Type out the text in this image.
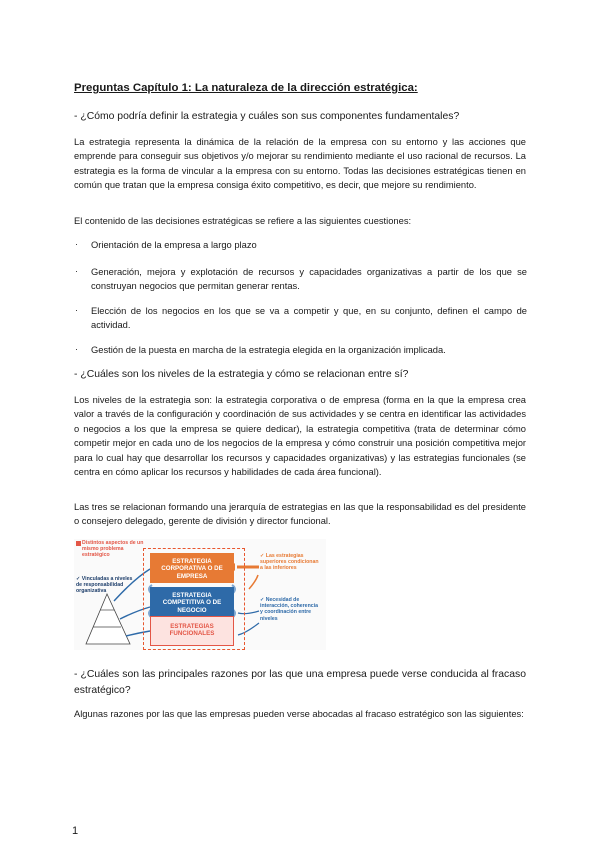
Preguntas Capítulo 1: La naturaleza de la dirección estratégica:
- ¿Cómo podría definir la estrategia y cuáles son sus componentes fundamentales?
La estrategia representa la dinámica de la relación de la empresa con su entorno y las acciones que emprende para conseguir sus objetivos y/o mejorar su rendimiento mediante el uso racional de recursos. La estrategia es la forma de vincular a la empresa con su entorno. Todas las decisiones estratégicas tienen en común que tratan que la empresa consiga éxito competitivo, es decir, que mejore su rendimiento.
El contenido de las decisiones estratégicas se refiere a las siguientes cuestiones:
· Orientación de la empresa a largo plazo
· Generación, mejora y explotación de recursos y capacidades organizativas a partir de los que se construyan negocios que permitan generar rentas.
· Elección de los negocios en los que se va a competir y que, en su conjunto, definen el campo de actividad.
· Gestión de la puesta en marcha de la estrategia elegida en la organización implicada.
- ¿Cuáles son los niveles de la estrategia y cómo se relacionan entre sí?
Los niveles de la estrategia son: la estrategia corporativa o de empresa (forma en la que la empresa crea valor a través de la configuración y coordinación de sus actividades y se centra en identificar las actividades o negocios a los que la empresa se quiere dedicar), la estrategia competitiva (trata de determinar cómo competir mejor en cada uno de los negocios de la empresa y cómo construir una posición competitiva mejor para lo cual hay que desarrollar los recursos y capacidades organizativas) y las estrategias funcionales (se centra en cómo aplicar los recursos y habilidades de cada área funcional).
Las tres se relacionan formando una jerarquía de estrategias en las que la responsabilidad es del presidente o consejero delegado, gerente de división y director funcional.
Distintos aspectos de un mismo problema estratégico
✓ Vinculadas a niveles de responsabilidad organizativa
ESTRATEGIA CORPORATIVA O DE EMPRESA
ESTRATEGIA COMPETITIVA O DE NEGOCIO
ESTRATEGIAS FUNCIONALES
✓ Las estrategias superiores condicionan a las inferiores
✓ Necesidad de interacción, coherencia y coordinación entre niveles
- ¿Cuáles son las principales razones por las que una empresa puede verse conducida al fracaso estratégico?
Algunas razones por las que las empresas pueden verse abocadas al fracaso estratégico son las siguientes:
1
